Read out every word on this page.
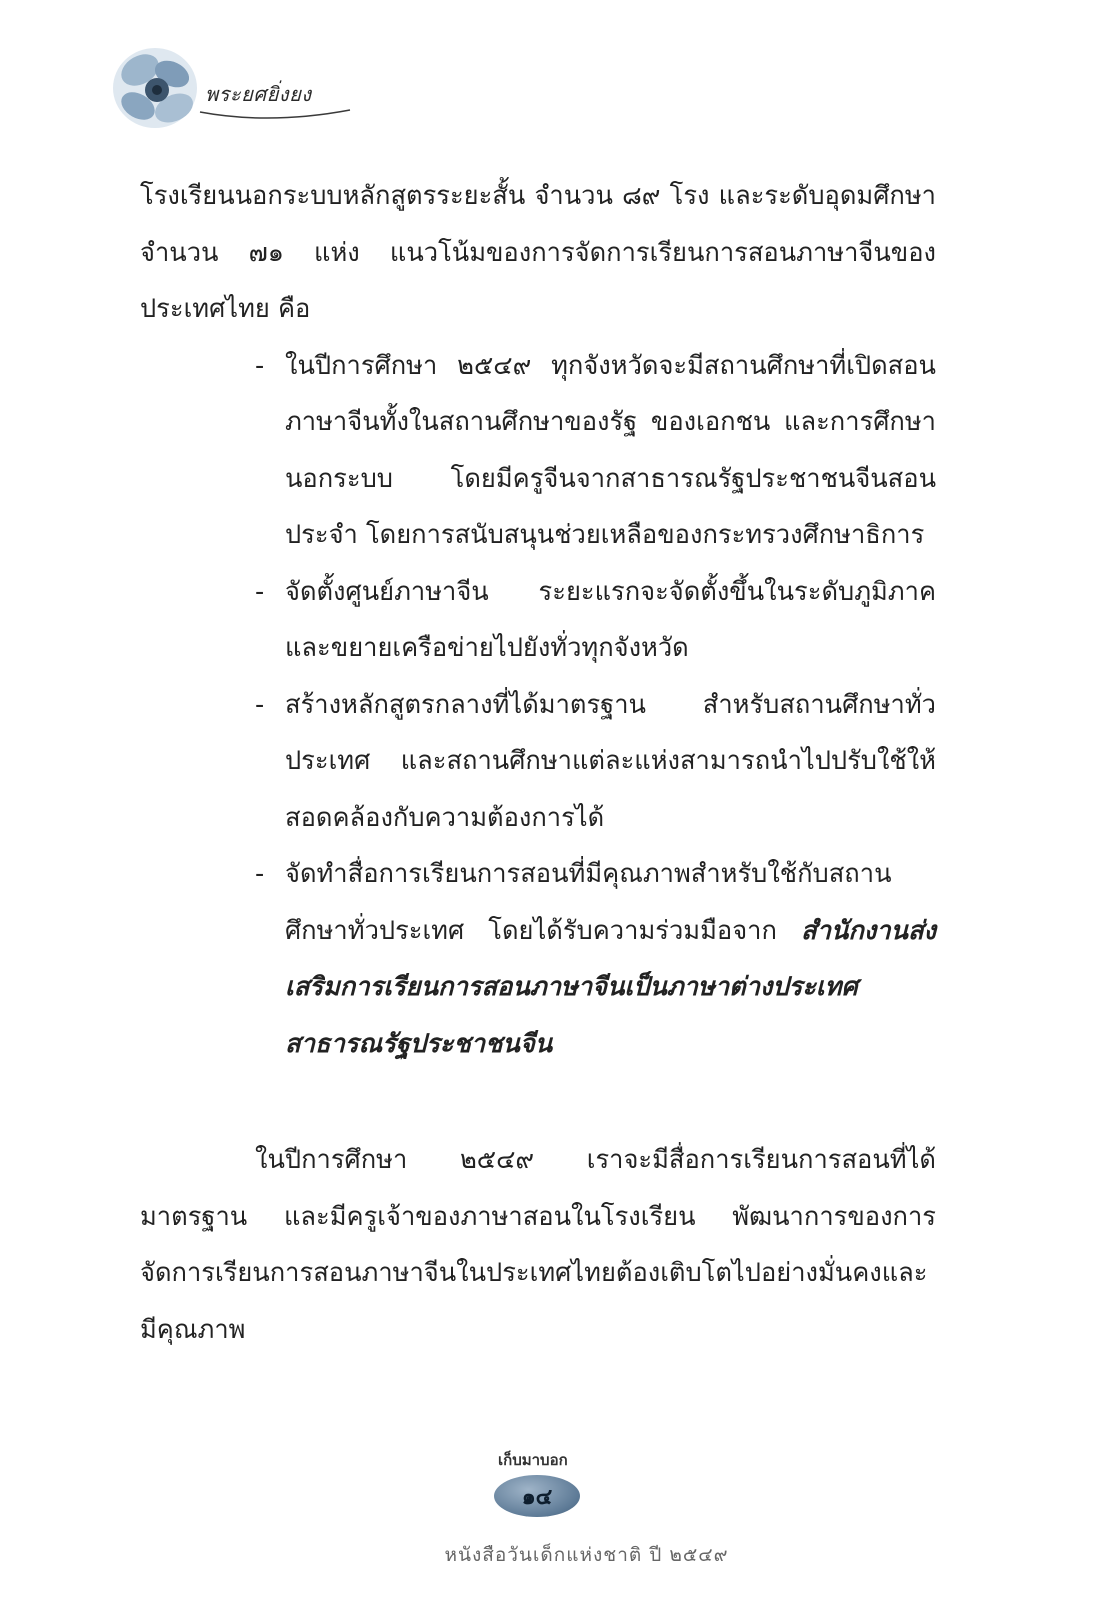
พระยศยิ่งยง

โรงเรียนนอกระบบหลักสูตรระยะสั้น จำนวน ๘๙ โรง และระดับอุดมศึกษา จำนวน ๗๑ แห่ง แนวโน้มของการจัดการเรียนการสอนภาษาจีนของประเทศไทย คือ

- ในปีการศึกษา ๒๕๔๙ ทุกจังหวัดจะมีสถานศึกษาที่เปิดสอนภาษาจีนทั้งในสถานศึกษาของรัฐ ของเอกชน และการศึกษานอกระบบ โดยมีครูจีนจากสาธารณรัฐประชาชนจีนสอนประจำ โดยการสนับสนุนช่วยเหลือของกระทรวงศึกษาธิการ
- จัดตั้งศูนย์ภาษาจีน ระยะแรกจะจัดตั้งขึ้นในระดับภูมิภาค และขยายเครือข่ายไปยังทั่วทุกจังหวัด
- สร้างหลักสูตรกลางที่ได้มาตรฐาน สำหรับสถานศึกษาทั่วประเทศ และสถานศึกษาแต่ละแห่งสามารถนำไปปรับใช้ให้สอดคล้องกับความต้องการได้
- จัดทำสื่อการเรียนการสอนที่มีคุณภาพสำหรับใช้กับสถานศึกษาทั่วประเทศ โดยได้รับความร่วมมือจาก สำนักงานส่งเสริมการเรียนการสอนภาษาจีนเป็นภาษาต่างประเทศ สาธารณรัฐประชาชนจีน

ในปีการศึกษา ๒๕๔๙ เราจะมีสื่อการเรียนการสอนที่ได้มาตรฐาน และมีครูเจ้าของภาษาสอนในโรงเรียน พัฒนาการของการจัดการเรียนการสอนภาษาจีนในประเทศไทยต้องเติบโตไปอย่างมั่นคงและมีคุณภาพ

เก็บมาบอก
๑๔
หนังสือวันเด็กแห่งชาติ ปี ๒๕๔๙
